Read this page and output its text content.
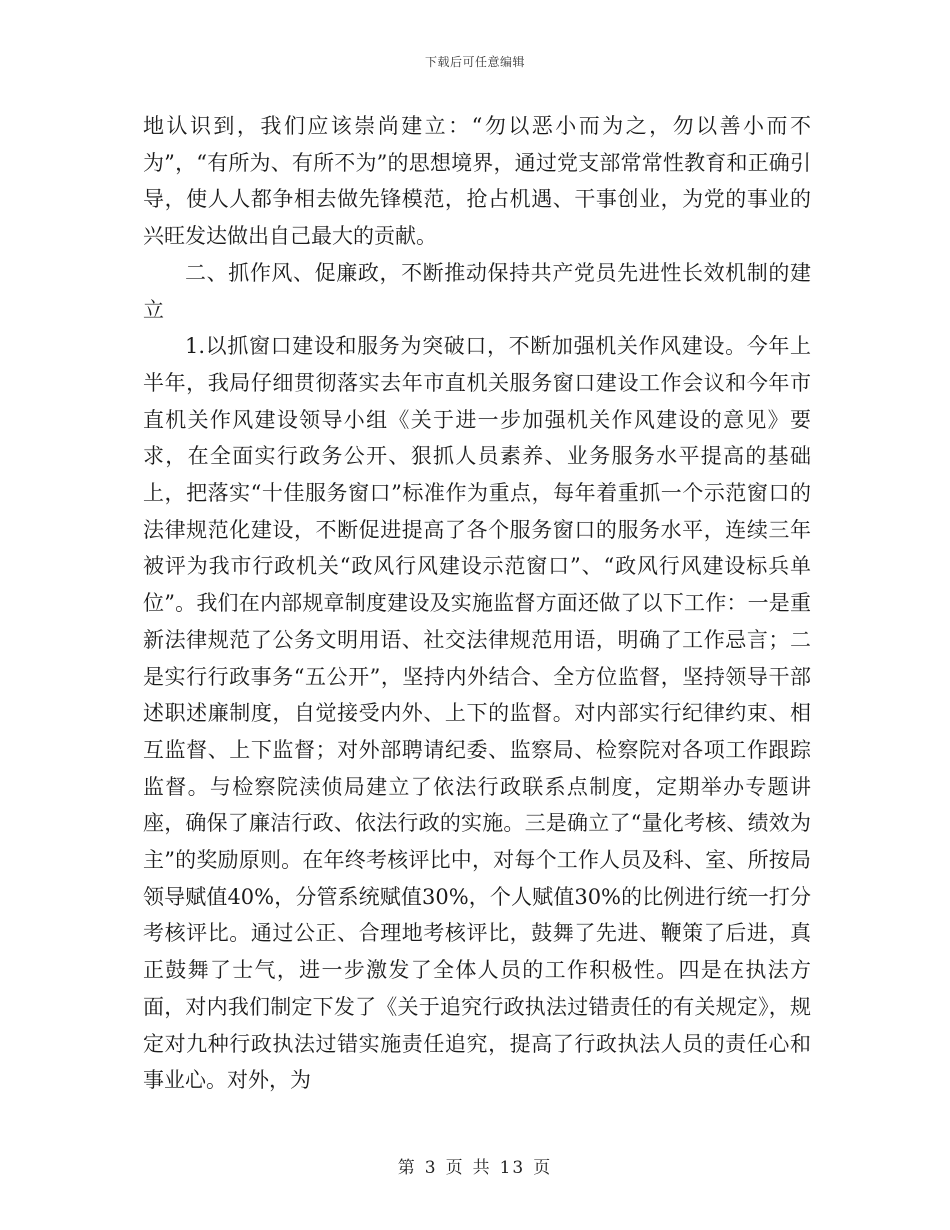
下载后可任意编辑

地认识到，我们应该崇尚建立：“勿以恶小而为之，勿以善小而不为”，“有所为、有所不为”的思想境界，通过党支部常常性教育和正确引导，使人人都争相去做先锋模范，抢占机遇、干事创业，为党的事业的兴旺发达做出自己最大的贡献。

二、抓作风、促廉政，不断推动保持共产党员先进性长效机制的建立

1.以抓窗口建设和服务为突破口，不断加强机关作风建设。今年上半年，我局仔细贯彻落实去年市直机关服务窗口建设工作会议和今年市直机关作风建设领导小组《关于进一步加强机关作风建设的意见》要求，在全面实行政务公开、狠抓人员素养、业务服务水平提高的基础上，把落实“十佳服务窗口”标准作为重点，每年着重抓一个示范窗口的法律规范化建设，不断促进提高了各个服务窗口的服务水平，连续三年被评为我市行政机关“政风行风建设示范窗口”、“政风行风建设标兵单位”。我们在内部规章制度建设及实施监督方面还做了以下工作：一是重新法律规范了公务文明用语、社交法律规范用语，明确了工作忌言；二是实行行政事务“五公开”，坚持内外结合、全方位监督，坚持领导干部述职述廉制度，自觉接受内外、上下的监督。对内部实行纪律约束、相互监督、上下监督；对外部聘请纪委、监察局、检察院对各项工作跟踪监督。与检察院渎侦局建立了依法行政联系点制度，定期举办专题讲座，确保了廉洁行政、依法行政的实施。三是确立了“量化考核、绩效为主”的奖励原则。在年终考核评比中，对每个工作人员及科、室、所按局领导赋值40%，分管系统赋值30%，个人赋值30%的比例进行统一打分考核评比。通过公正、合理地考核评比，鼓舞了先进、鞭策了后进，真正鼓舞了士气，进一步激发了全体人员的工作积极性。四是在执法方面，对内我们制定下发了《关于追究行政执法过错责任的有关规定》，规定对九种行政执法过错实施责任追究，提高了行政执法人员的责任心和事业心。对外，为

第 3 页 共 13 页
